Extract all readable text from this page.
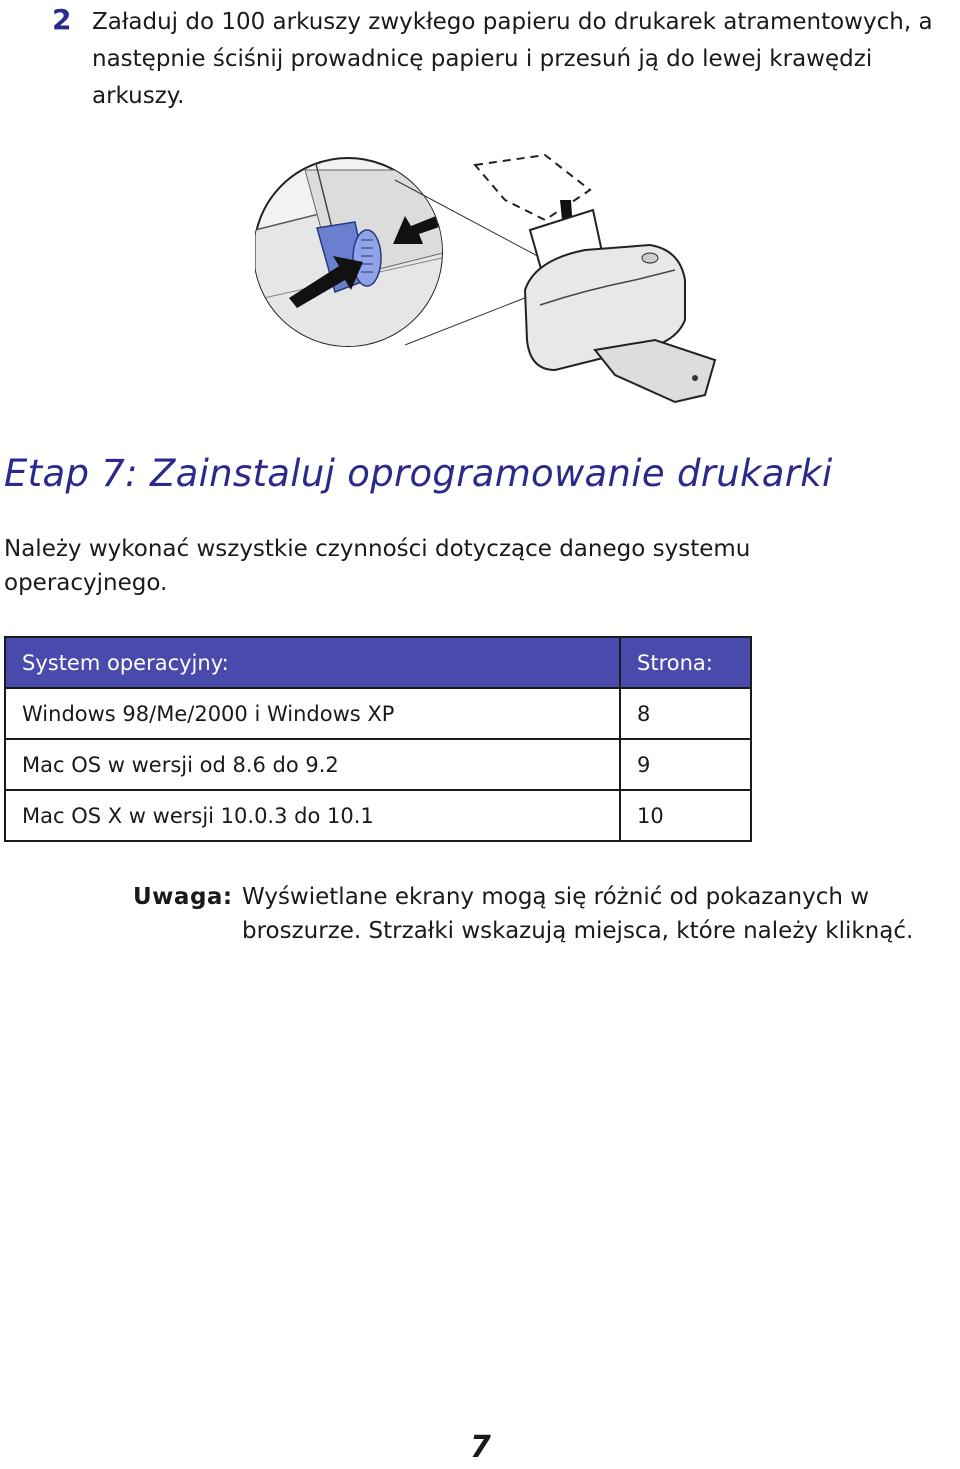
2 Załaduj do 100 arkuszy zwykłego papieru do drukarek atramentowych, a następnie ściśnij prowadnicę papieru i przesuń ją do lewej krawędzi arkuszy.
Etap 7: Zainstaluj oprogramowanie drukarki
Należy wykonać wszystkie czynności dotyczące danego systemu operacyjnego.
System operacyjny:	Strona:
Windows 98/Me/2000 i Windows XP	8
Mac OS w wersji od 8.6 do 9.2	9
Mac OS X w wersji 10.0.3 do 10.1	10
Uwaga: Wyświetlane ekrany mogą się różnić od pokazanych w broszurze. Strzałki wskazują miejsca, które należy kliknąć.
7
